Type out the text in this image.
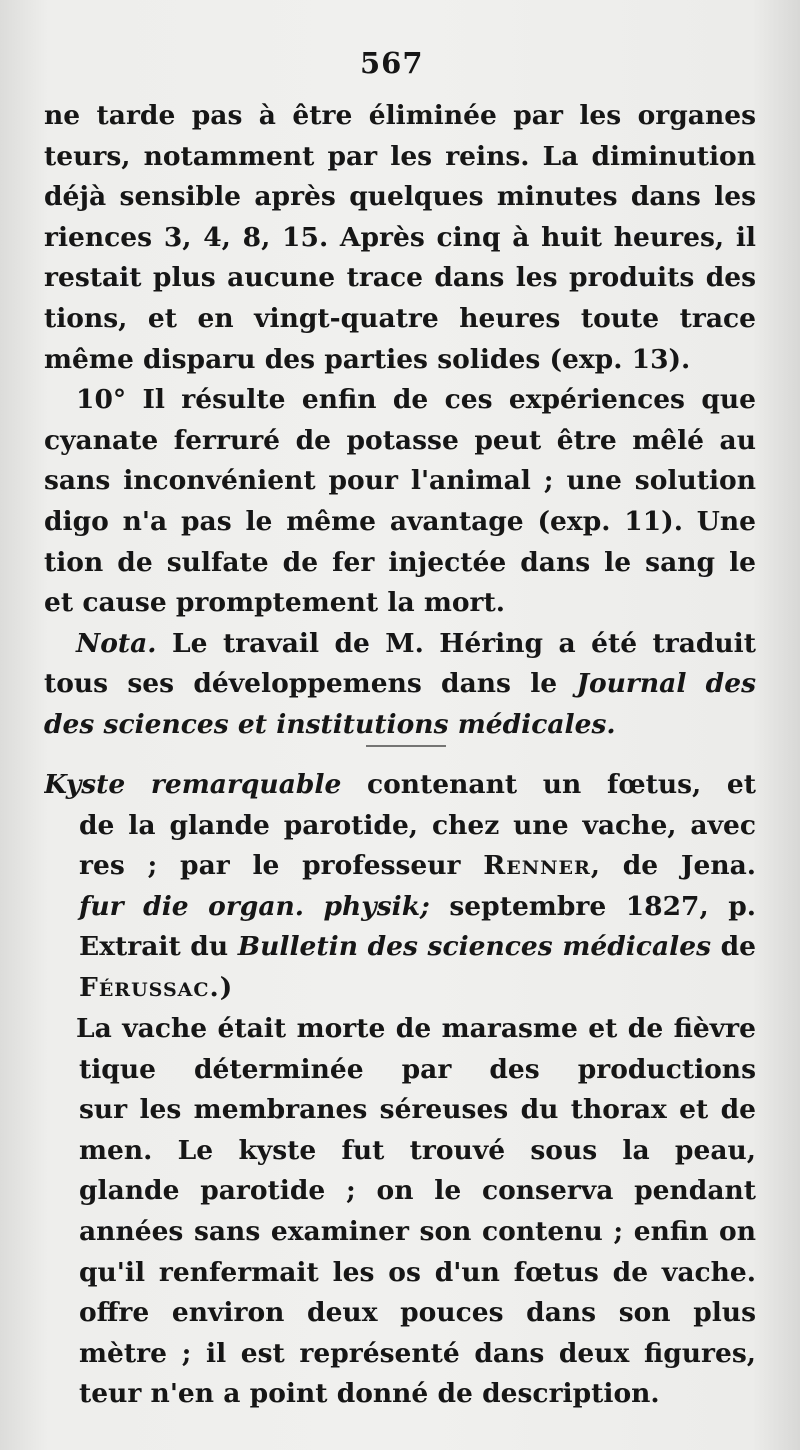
567
ne tarde pas à être éliminée par les organes
teurs, notamment par les reins. La diminution
déjà sensible après quelques minutes dans les
riences 3, 4, 8, 15. Après cinq à huit heures, il
restait plus aucune trace dans les produits des
tions, et en vingt-quatre heures toute trace
même disparu des parties solides (exp. 13).
10° Il résulte enfin de ces expériences que
cyanate ferruré de potasse peut être mêlé au
sans inconvénient pour l'animal ; une solution
digo n'a pas le même avantage (exp. 11). Une
tion de sulfate de fer injectée dans le sang le
et cause promptement la mort.
Nota. Le travail de M. Héring a été traduit
tous ses développemens dans le Journal des
des sciences et institutions médicales.
Kyste remarquable contenant un fœtus, et
de la glande parotide, chez une vache, avec
res ; par le professeur Renner, de Jena.
fur die organ. physik; septembre 1827, p.
Extrait du Bulletin des sciences médicales de
Férussac.)
La vache était morte de marasme et de fièvre
tique déterminée par des productions
sur les membranes séreuses du thorax et de
men. Le kyste fut trouvé sous la peau,
glande parotide ; on le conserva pendant
années sans examiner son contenu ; enfin on
qu'il renfermait les os d'un fœtus de vache.
offre environ deux pouces dans son plus
mètre ; il est représenté dans deux figures,
teur n'en a point donné de description.
